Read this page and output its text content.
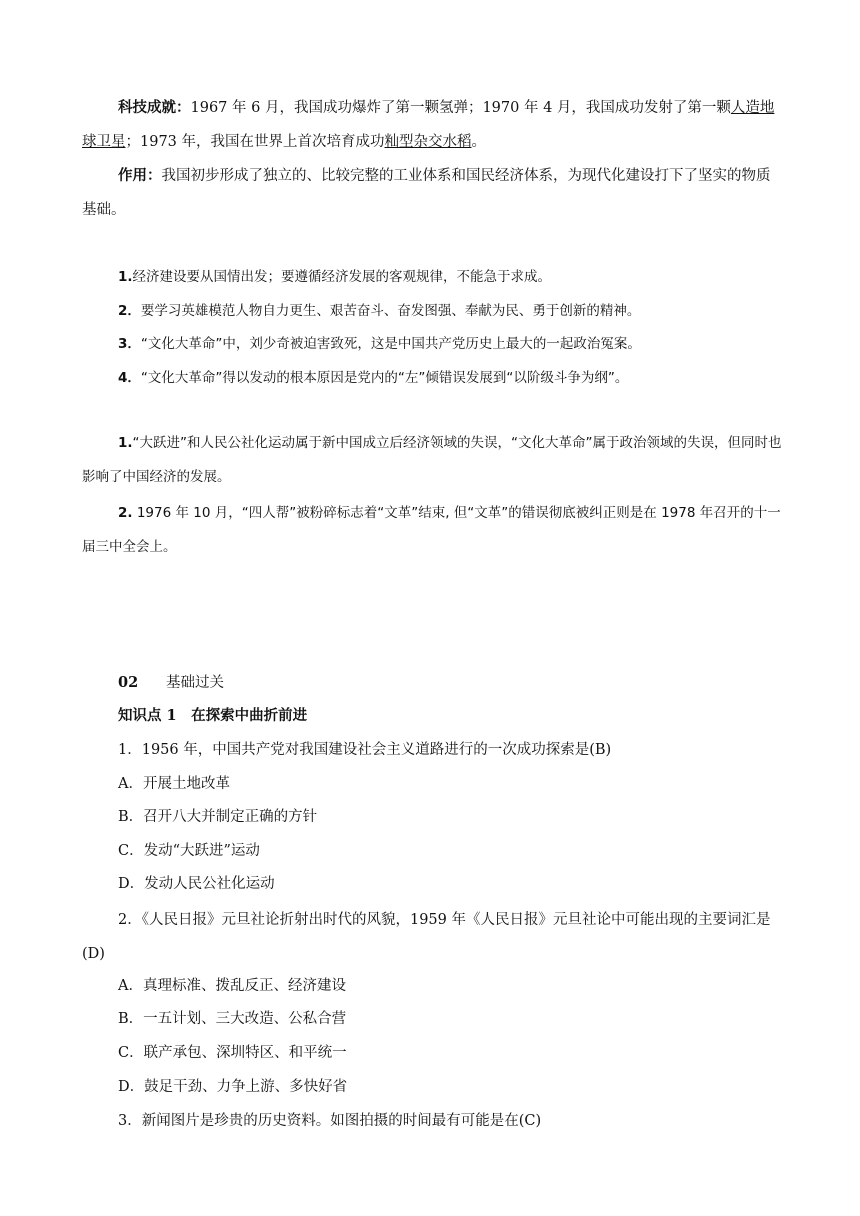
科技成就：1967 年 6 月，我国成功爆炸了第一颗氢弹；1970 年 4 月，我国成功发射了第一颗人造地球卫星；1973 年，我国在世界上首次培育成功籼型杂交水稻。

作用：我国初步形成了独立的、比较完整的工业体系和国民经济体系，为现代化建设打下了坚实的物质基础。

1.经济建设要从国情出发；要遵循经济发展的客观规律，不能急于求成。

2．要学习英雄模范人物自力更生、艰苦奋斗、奋发图强、奉献为民、勇于创新的精神。

3．“文化大革命”中，刘少奇被迫害致死，这是中国共产党历史上最大的一起政治冤案。

4．“文化大革命”得以发动的根本原因是党内的“左”倾错误发展到“以阶级斗争为纲”。

1.“大跃进”和人民公社化运动属于新中国成立后经济领域的失误，“文化大革命”属于政治领域的失误，但同时也影响了中国经济的发展。

2. 1976 年 10 月，“四人帮”被粉碎标志着“文革”结束, 但“文革”的错误彻底被纠正则是在 1978 年召开的十一届三中全会上。

02 基础过关

知识点 1　在探索中曲折前进

1．1956 年，中国共产党对我国建设社会主义道路进行的一次成功探索是(B)

A．开展土地改革

B．召开八大并制定正确的方针

C．发动“大跃进”运动

D．发动人民公社化运动

2．《人民日报》元旦社论折射出时代的风貌，1959 年《人民日报》元旦社论中可能出现的主要词汇是(D)

A．真理标准、拨乱反正、经济建设

B．一五计划、三大改造、公私合营

C．联产承包、深圳特区、和平统一

D．鼓足干劲、力争上游、多快好省

3．新闻图片是珍贵的历史资料。如图拍摄的时间最有可能是在(C)
